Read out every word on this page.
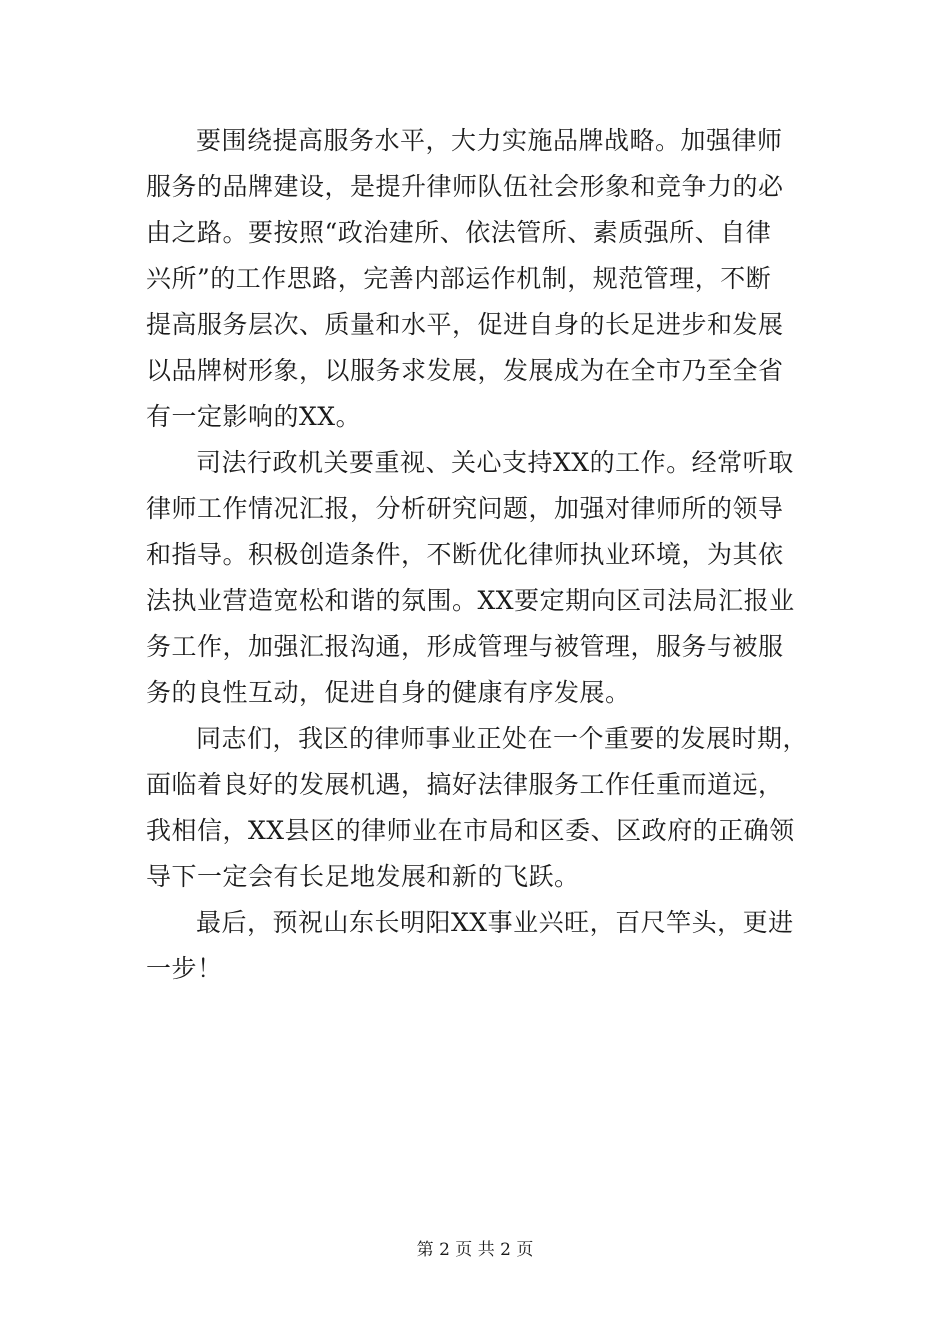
要围绕提高服务水平，大力实施品牌战略。加强律师
服务的品牌建设，是提升律师队伍社会形象和竞争力的必
由之路。要按照“政治建所、依法管所、素质强所、自律
兴所”的工作思路，完善内部运作机制，规范管理，不断
提高服务层次、质量和水平，促进自身的长足进步和发展
以品牌树形象，以服务求发展，发展成为在全市乃至全省
有一定影响的XX。
司法行政机关要重视、关心支持XX的工作。经常听取
律师工作情况汇报，分析研究问题，加强对律师所的领导
和指导。积极创造条件，不断优化律师执业环境，为其依
法执业营造宽松和谐的氛围。XX要定期向区司法局汇报业
务工作，加强汇报沟通，形成管理与被管理，服务与被服
务的良性互动，促进自身的健康有序发展。
同志们，我区的律师事业正处在一个重要的发展时期，
面临着良好的发展机遇，搞好法律服务工作任重而道远，
我相信，XX县区的律师业在市局和区委、区政府的正确领
导下一定会有长足地发展和新的飞跃。
最后，预祝山东长明阳XX事业兴旺，百尺竿头，更进
一步！
第 2 页 共 2 页
